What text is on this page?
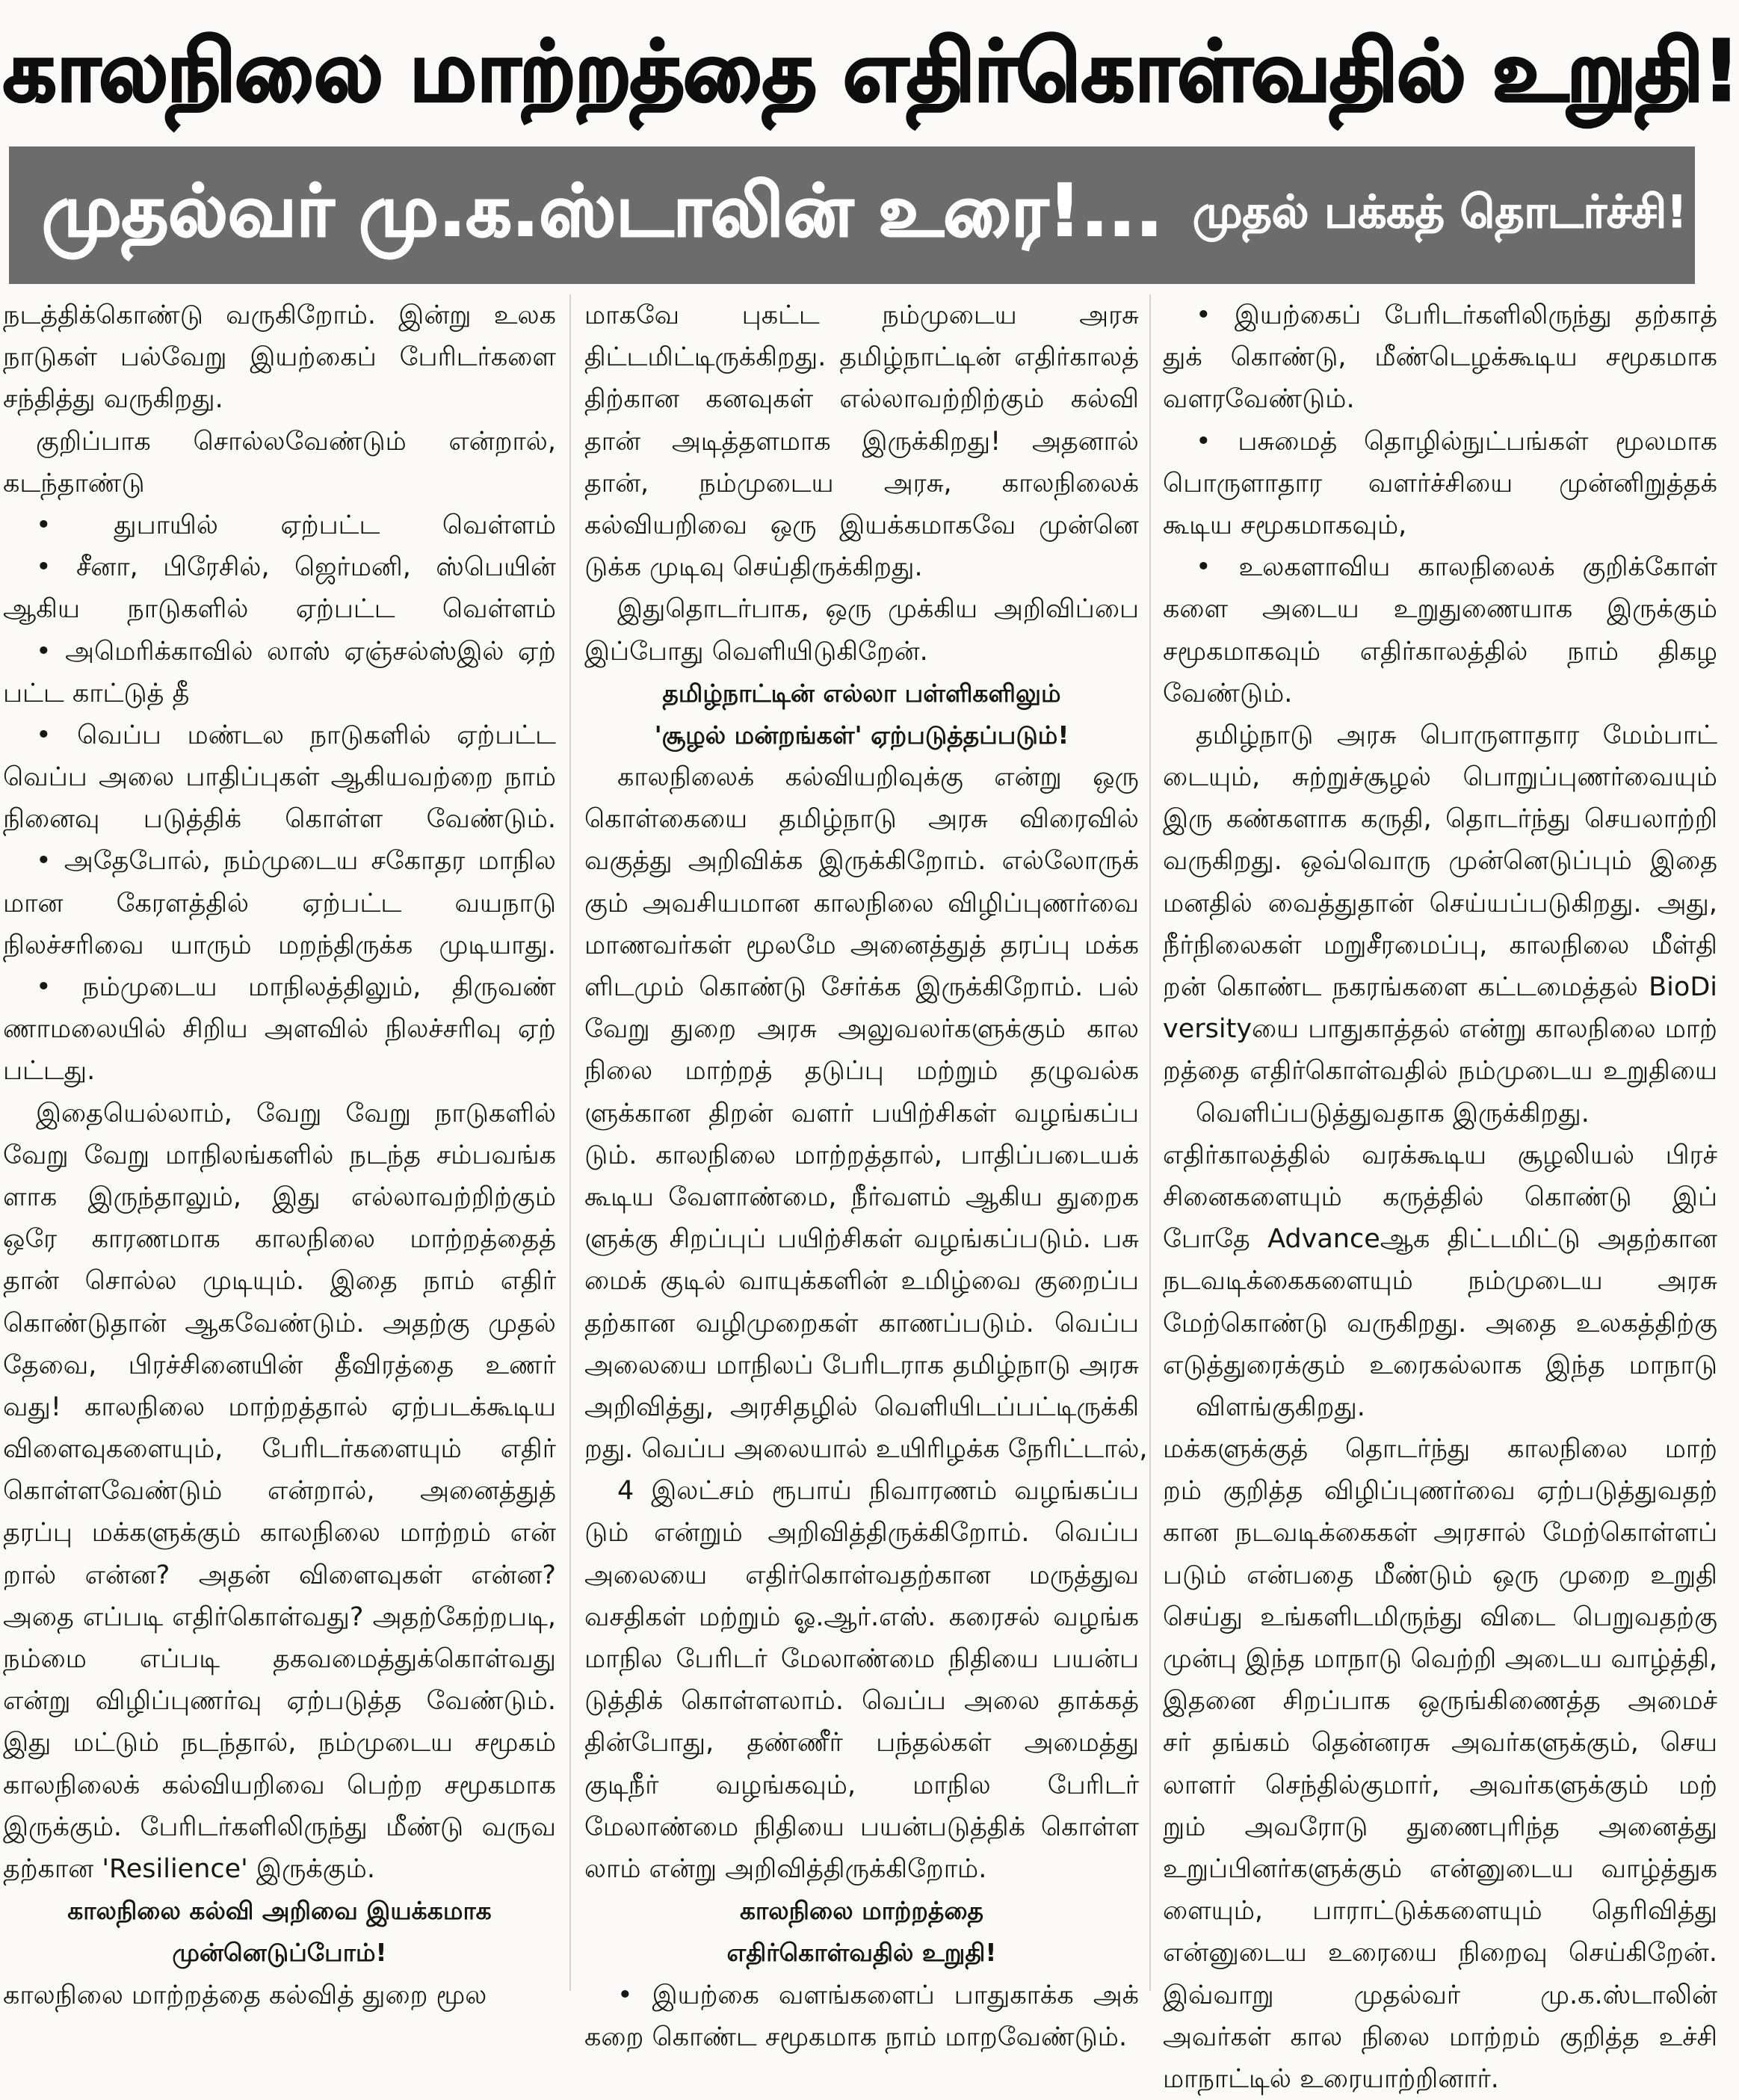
காலநிலை மாற்றத்தை எதிர்கொள்வதில் உறுதி!
முதல்வர் மு.க.ஸ்டாலின் உரை!... முதல் பக்கத் தொடர்ச்சி!
நடத்திக்கொண்டு வருகிறோம். இன்று உலக
நாடுகள் பல்வேறு இயற்கைப் பேரிடர்களை
சந்தித்து வருகிறது.
குறிப்பாக சொல்லவேண்டும் என்றால்,
கடந்தாண்டு
• துபாயில் ஏற்பட்ட வெள்ளம்
• சீனா, பிரேசில், ஜெர்மனி, ஸ்பெயின்
ஆகிய நாடுகளில் ஏற்பட்ட வெள்ளம்
• அமெரிக்காவில் லாஸ் ஏஞ்சல்ஸ்இல் ஏற்
பட்ட காட்டுத் தீ
• வெப்ப மண்டல நாடுகளில் ஏற்பட்ட
வெப்ப அலை பாதிப்புகள் ஆகியவற்றை நாம்
நினைவு படுத்திக் கொள்ள வேண்டும்.
• அதேபோல், நம்முடைய சகோதர மாநில
மான கேரளத்தில் ஏற்பட்ட வயநாடு
நிலச்சரிவை யாரும் மறந்திருக்க முடியாது.
• நம்முடைய மாநிலத்திலும், திருவண்
ணாமலையில் சிறிய அளவில் நிலச்சரிவு ஏற்
பட்டது.
இதையெல்லாம், வேறு வேறு நாடுகளில்
வேறு வேறு மாநிலங்களில் நடந்த சம்பவங்க
ளாக இருந்தாலும், இது எல்லாவற்றிற்கும்
ஒரே காரணமாக காலநிலை மாற்றத்தைத்
தான் சொல்ல முடியும். இதை நாம் எதிர்
கொண்டுதான் ஆகவேண்டும். அதற்கு முதல்
தேவை, பிரச்சினையின் தீவிரத்தை உணர்
வது! காலநிலை மாற்றத்தால் ஏற்படக்கூடிய
விளைவுகளையும், பேரிடர்களையும் எதிர்
கொள்ளவேண்டும் என்றால், அனைத்துத்
தரப்பு மக்களுக்கும் காலநிலை மாற்றம் என்
றால் என்ன? அதன் விளைவுகள் என்ன?
அதை எப்படி எதிர்கொள்வது? அதற்கேற்றபடி,
நம்மை எப்படி தகவமைத்துக்கொள்வது
என்று விழிப்புணர்வு ஏற்படுத்த வேண்டும்.
இது மட்டும் நடந்தால், நம்முடைய சமூகம்
காலநிலைக் கல்வியறிவை பெற்ற சமூகமாக
இருக்கும். பேரிடர்களிலிருந்து மீண்டு வருவ
தற்கான 'Resilience' இருக்கும்.
காலநிலை கல்வி அறிவை இயக்கமாக
முன்னெடுப்போம்!
காலநிலை மாற்றத்தை கல்வித் துறை மூல
மாகவே புகட்ட நம்முடைய அரசு
திட்டமிட்டிருக்கிறது. தமிழ்நாட்டின் எதிர்காலத்
திற்கான கனவுகள் எல்லாவற்றிற்கும் கல்வி
தான் அடித்தளமாக இருக்கிறது! அதனால்
தான், நம்முடைய அரசு, காலநிலைக்
கல்வியறிவை ஒரு இயக்கமாகவே முன்னெ
டுக்க முடிவு செய்திருக்கிறது.
இதுதொடர்பாக, ஒரு முக்கிய அறிவிப்பை
இப்போது வெளியிடுகிறேன்.
தமிழ்நாட்டின் எல்லா பள்ளிகளிலும்
'சூழல் மன்றங்கள்' ஏற்படுத்தப்படும்!
காலநிலைக் கல்வியறிவுக்கு என்று ஒரு
கொள்கையை தமிழ்நாடு அரசு விரைவில்
வகுத்து அறிவிக்க இருக்கிறோம். எல்லோருக்
கும் அவசியமான காலநிலை விழிப்புணர்வை
மாணவர்கள் மூலமே அனைத்துத் தரப்பு மக்க
ளிடமும் கொண்டு சேர்க்க இருக்கிறோம். பல்
வேறு துறை அரசு அலுவலர்களுக்கும் கால
நிலை மாற்றத் தடுப்பு மற்றும் தழுவல்க
ளுக்கான திறன் வளர் பயிற்சிகள் வழங்கப்ப
டும். காலநிலை மாற்றத்தால், பாதிப்படையக்
கூடிய வேளாண்மை, நீர்வளம் ஆகிய துறைக
ளுக்கு சிறப்புப் பயிற்சிகள் வழங்கப்படும். பசு
மைக் குடில் வாயுக்களின் உமிழ்வை குறைப்ப
தற்கான வழிமுறைகள் காணப்படும். வெப்ப
அலையை மாநிலப் பேரிடராக தமிழ்நாடு அரசு
அறிவித்து, அரசிதழில் வெளியிடப்பட்டிருக்கி
றது. வெப்ப அலையால் உயிரிழக்க நேரிட்டால்,
4 இலட்சம் ரூபாய் நிவாரணம் வழங்கப்ப
டும் என்றும் அறிவித்திருக்கிறோம். வெப்ப
அலையை எதிர்கொள்வதற்கான மருத்துவ
வசதிகள் மற்றும் ஓ.ஆர்.எஸ். கரைசல் வழங்க
மாநில பேரிடர் மேலாண்மை நிதியை பயன்ப
டுத்திக் கொள்ளலாம். வெப்ப அலை தாக்கத்
தின்போது, தண்ணீர் பந்தல்கள் அமைத்து
குடிநீர் வழங்கவும், மாநில பேரிடர்
மேலாண்மை நிதியை பயன்படுத்திக் கொள்ள
லாம் என்று அறிவித்திருக்கிறோம்.
காலநிலை மாற்றத்தை
எதிர்கொள்வதில் உறுதி!
• இயற்கை வளங்களைப் பாதுகாக்க அக்
கறை கொண்ட சமூகமாக நாம் மாறவேண்டும்.
• இயற்கைப் பேரிடர்களிலிருந்து தற்காத்
துக் கொண்டு, மீண்டெழக்கூடிய சமூகமாக
வளரவேண்டும்.
• பசுமைத் தொழில்நுட்பங்கள் மூலமாக
பொருளாதார வளர்ச்சியை முன்னிறுத்தக்
கூடிய சமூகமாகவும்,
• உலகளாவிய காலநிலைக் குறிக்கோள்
களை அடைய உறுதுணையாக இருக்கும்
சமூகமாகவும் எதிர்காலத்தில் நாம் திகழ
வேண்டும்.
தமிழ்நாடு அரசு பொருளாதார மேம்பாட்
டையும், சுற்றுச்சூழல் பொறுப்புணர்வையும்
இரு கண்களாக கருதி, தொடர்ந்து செயலாற்றி
வருகிறது. ஒவ்வொரு முன்னெடுப்பும் இதை
மனதில் வைத்துதான் செய்யப்படுகிறது. அது,
நீர்நிலைகள் மறுசீரமைப்பு, காலநிலை மீள்தி
றன் கொண்ட நகரங்களை கட்டமைத்தல் BioDi
versityயை பாதுகாத்தல் என்று காலநிலை மாற்
றத்தை எதிர்கொள்வதில் நம்முடைய உறுதியை
வெளிப்படுத்துவதாக இருக்கிறது.
எதிர்காலத்தில் வரக்கூடிய சூழலியல் பிரச்
சினைகளையும் கருத்தில் கொண்டு இப்
போதே Advanceஆக திட்டமிட்டு அதற்கான
நடவடிக்கைகளையும் நம்முடைய அரசு
மேற்கொண்டு வருகிறது. அதை உலகத்திற்கு
எடுத்துரைக்கும் உரைகல்லாக இந்த மாநாடு
விளங்குகிறது.
மக்களுக்குத் தொடர்ந்து காலநிலை மாற்
றம் குறித்த விழிப்புணர்வை ஏற்படுத்துவதற்
கான நடவடிக்கைகள் அரசால் மேற்கொள்ளப்
படும் என்பதை மீண்டும் ஒரு முறை உறுதி
செய்து உங்களிடமிருந்து விடை பெறுவதற்கு
முன்பு இந்த மாநாடு வெற்றி அடைய வாழ்த்தி,
இதனை சிறப்பாக ஒருங்கிணைத்த அமைச்
சர் தங்கம் தென்னரசு அவர்களுக்கும், செய
லாளர் செந்தில்குமார், அவர்களுக்கும் மற்
றும் அவரோடு துணைபுரிந்த அனைத்து
உறுப்பினர்களுக்கும் என்னுடைய வாழ்த்துக
ளையும், பாராட்டுக்களையும் தெரிவித்து
என்னுடைய உரையை நிறைவு செய்கிறேன்.
இவ்வாறு முதல்வர் மு.க.ஸ்டாலின்
அவர்கள் கால நிலை மாற்றம் குறித்த உச்சி
மாநாட்டில் உரையாற்றினார்.
